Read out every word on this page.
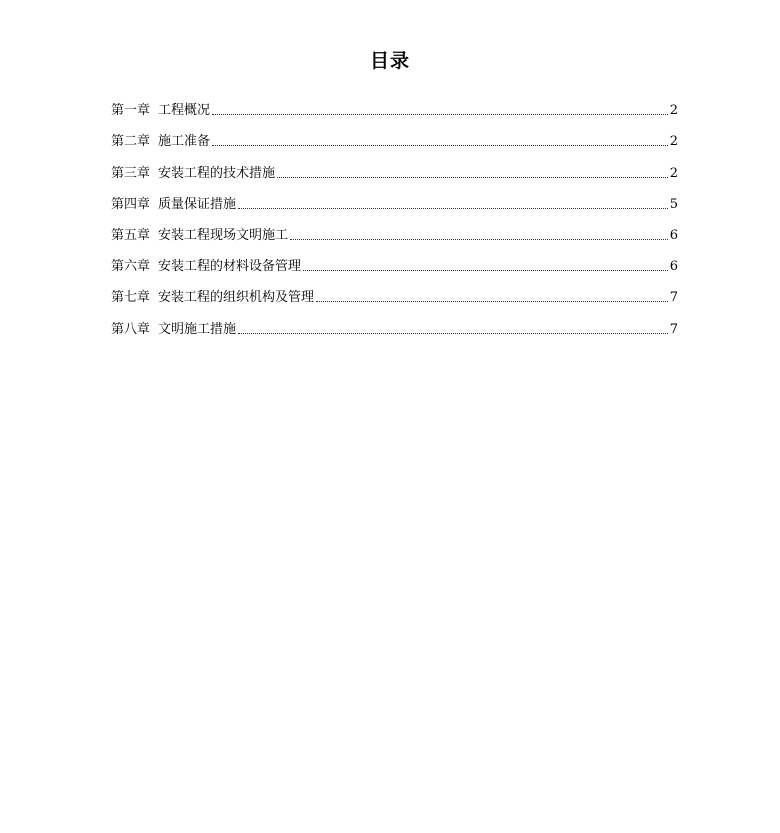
目录
第一章 工程概况	2
第二章 施工准备	2
第三章 安装工程的技术措施	2
第四章 质量保证措施	5
第五章 安装工程现场文明施工	6
第六章 安装工程的材料设备管理	6
第七章 安装工程的组织机构及管理	7
第八章 文明施工措施	7
